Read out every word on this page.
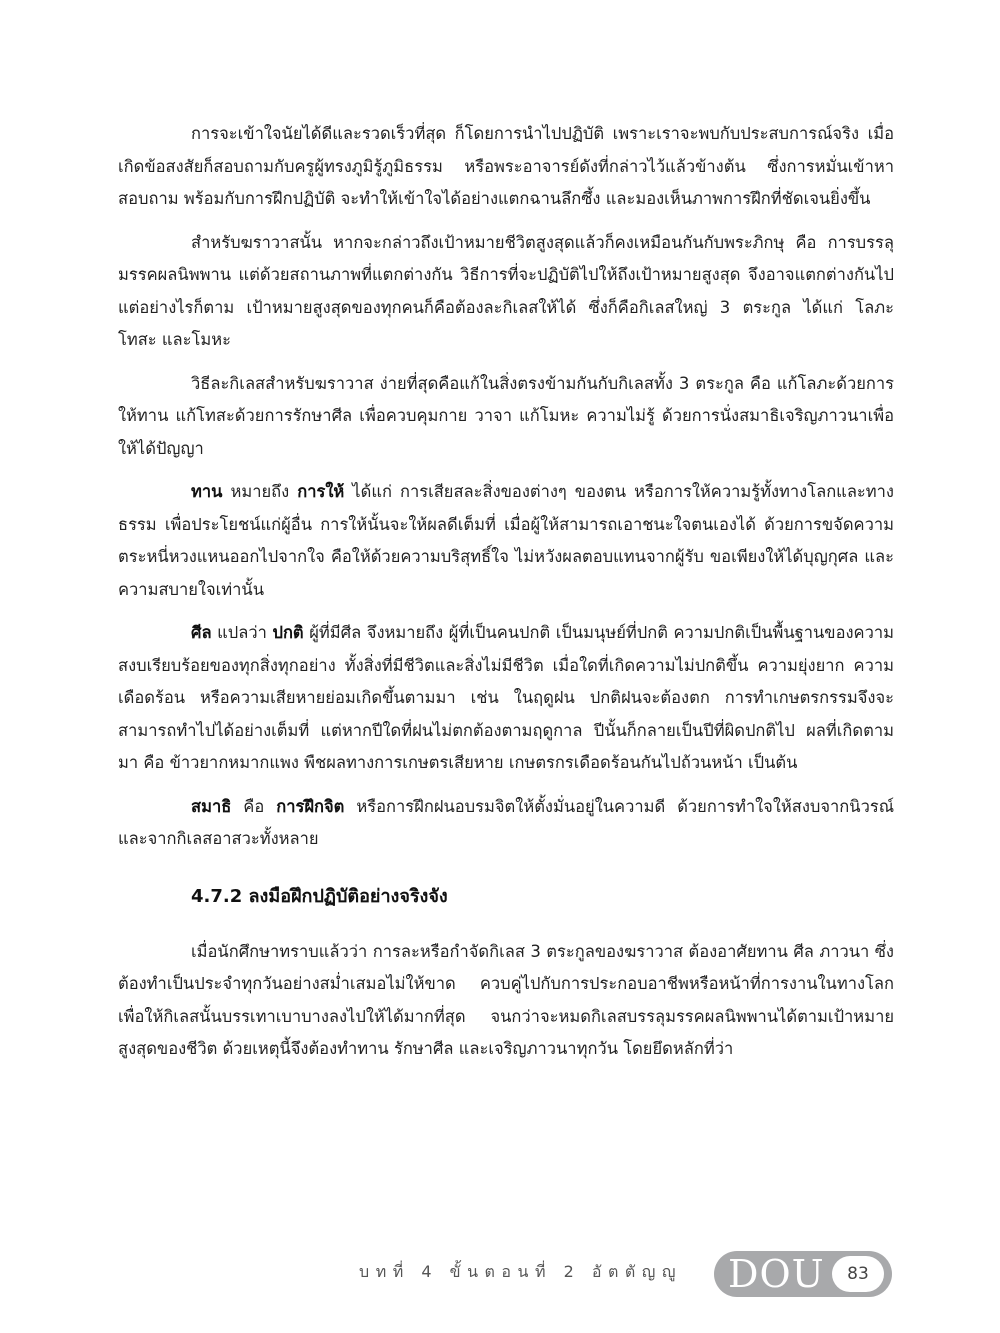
การจะเข้าใจนัยได้ดีและรวดเร็วที่สุด ก็โดยการนำไปปฏิบัติ เพราะเราจะพบกับประสบการณ์จริง เมื่อเกิดข้อสงสัยก็สอบถามกับครูผู้ทรงภูมิรู้ภูมิธรรม หรือพระอาจารย์ดังที่กล่าวไว้แล้วข้างต้น ซึ่งการหมั่นเข้าหา สอบถาม พร้อมกับการฝึกปฏิบัติ จะทำให้เข้าใจได้อย่างแตกฉานลึกซึ้ง และมองเห็นภาพการฝึกที่ชัดเจนยิ่งขึ้น

สำหรับฆราวาสนั้น หากจะกล่าวถึงเป้าหมายชีวิตสูงสุดแล้วก็คงเหมือนกันกับพระภิกษุ คือ การบรรลุมรรคผลนิพพาน แต่ด้วยสถานภาพที่แตกต่างกัน วิธีการที่จะปฏิบัติไปให้ถึงเป้าหมายสูงสุด จึงอาจแตกต่างกันไป แต่อย่างไรก็ตาม เป้าหมายสูงสุดของทุกคนก็คือต้องละกิเลสให้ได้ ซึ่งก็คือกิเลสใหญ่ 3 ตระกูล ได้แก่ โลภะ โทสะ และโมหะ

วิธีละกิเลสสำหรับฆราวาส ง่ายที่สุดคือแก้ในสิ่งตรงข้ามกันกับกิเลสทั้ง 3 ตระกูล คือ แก้โลภะด้วยการให้ทาน แก้โทสะด้วยการรักษาศีล เพื่อควบคุมกาย วาจา แก้โมหะ ความไม่รู้ ด้วยการนั่งสมาธิเจริญภาวนาเพื่อให้ได้ปัญญา

ทาน หมายถึง การให้ ได้แก่ การเสียสละสิ่งของต่างๆ ของตน หรือการให้ความรู้ทั้งทางโลกและทางธรรม เพื่อประโยชน์แก่ผู้อื่น การให้นั้นจะให้ผลดีเต็มที่ เมื่อผู้ให้สามารถเอาชนะใจตนเองได้ ด้วยการขจัดความตระหนี่หวงแหนออกไปจากใจ คือให้ด้วยความบริสุทธิ์ใจ ไม่หวังผลตอบแทนจากผู้รับ ขอเพียงให้ได้บุญกุศล และความสบายใจเท่านั้น

ศีล แปลว่า ปกติ ผู้ที่มีศีล จึงหมายถึง ผู้ที่เป็นคนปกติ เป็นมนุษย์ที่ปกติ ความปกติเป็นพื้นฐานของความสงบเรียบร้อยของทุกสิ่งทุกอย่าง ทั้งสิ่งที่มีชีวิตและสิ่งไม่มีชีวิต เมื่อใดที่เกิดความไม่ปกติขึ้น ความยุ่งยาก ความเดือดร้อน หรือความเสียหายย่อมเกิดขึ้นตามมา เช่น ในฤดูฝน ปกติฝนจะต้องตก การทำเกษตรกรรมจึงจะสามารถทำไปได้อย่างเต็มที่ แต่หากปีใดที่ฝนไม่ตกต้องตามฤดูกาล ปีนั้นก็กลายเป็นปีที่ผิดปกติไป ผลที่เกิดตามมา คือ ข้าวยากหมากแพง พืชผลทางการเกษตรเสียหาย เกษตรกรเดือดร้อนกันไปถ้วนหน้า เป็นต้น

สมาธิ คือ การฝึกจิต หรือการฝึกฝนอบรมจิตให้ตั้งมั่นอยู่ในความดี ด้วยการทำใจให้สงบจากนิวรณ์และจากกิเลสอาสวะทั้งหลาย

4.7.2 ลงมือฝึกปฏิบัติอย่างจริงจัง

เมื่อนักศึกษาทราบแล้วว่า การละหรือกำจัดกิเลส 3 ตระกูลของฆราวาส ต้องอาศัยทาน ศีล ภาวนา ซึ่งต้องทำเป็นประจำทุกวันอย่างสม่ำเสมอไม่ให้ขาด ควบคู่ไปกับการประกอบอาชีพหรือหน้าที่การงานในทางโลก เพื่อให้กิเลสนั้นบรรเทาเบาบางลงไปให้ได้มากที่สุด จนกว่าจะหมดกิเลสบรรลุมรรคผลนิพพานได้ตามเป้าหมายสูงสุดของชีวิต ด้วยเหตุนี้จึงต้องทำทาน รักษาศีล และเจริญภาวนาทุกวัน โดยยึดหลักที่ว่า

บทที่ 4 ขั้นตอนที่ 2 อัตตัญญู DOU	83
